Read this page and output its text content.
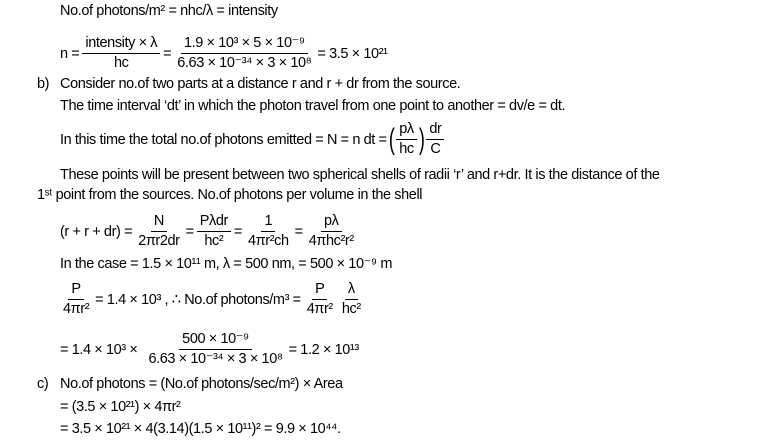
No.of photons/m² = nhc/λ = intensity
$n = \frac{\text{intensity × λ}}{hc} = \frac{\text{1.9 × 10³ × 5 × 10⁻⁹}}{\text{6.63 × 10⁻³⁴ × 3 × 10⁸}} = 3.5 \times 10^{21}$
b) Consider no.of two parts at a distance r and r + dr from the source.
The time interval ‘dt’ in which the photon travel from one point to another = dv/e = dt.
In this time the total no.of photons emitted = N = n dt = ( $\frac{p\lambda}{hc}$ ) $\frac{dr}{C}$
These points will be present between two spherical shells of radii ‘r’ and r+dr. It is the distance of the
1ˢᵗ point from the sources. No.of photons per volume in the shell
$(r + r + dr) = \frac{N}{2\pi r2dr} = \frac{\text{Pλdr}}{\text{hc²}} = \frac{1}{\text{4πr²ch}} = \frac{p\lambda}{\text{4πhc²r²}}$
In the case = 1.5 × 10¹¹ m, λ = 500 nm, = 500 × 10⁻⁹ m
$\frac{P}{\text{4πr²}} = 1.4 \times 10^3$ , ∴ No.of photons/m³ = $\frac{P}{\text{4πr²}} \frac{\lambda}{\text{hc²}}$
= $1.4 \times 10^3 \times \frac{\text{500 × 10⁻⁹}}{\text{6.63 × 10⁻³⁴ × 3 × 10⁸}} = 1.2 \times 10^{13}$
c) No.of photons = (No.of photons/sec/m²) × Area
= (3.5 × 10²¹) × 4πr²
= 3.5 × 10²¹ × 4(3.14)(1.5 × 10¹¹)² = 9.9 × 10⁴⁴.
